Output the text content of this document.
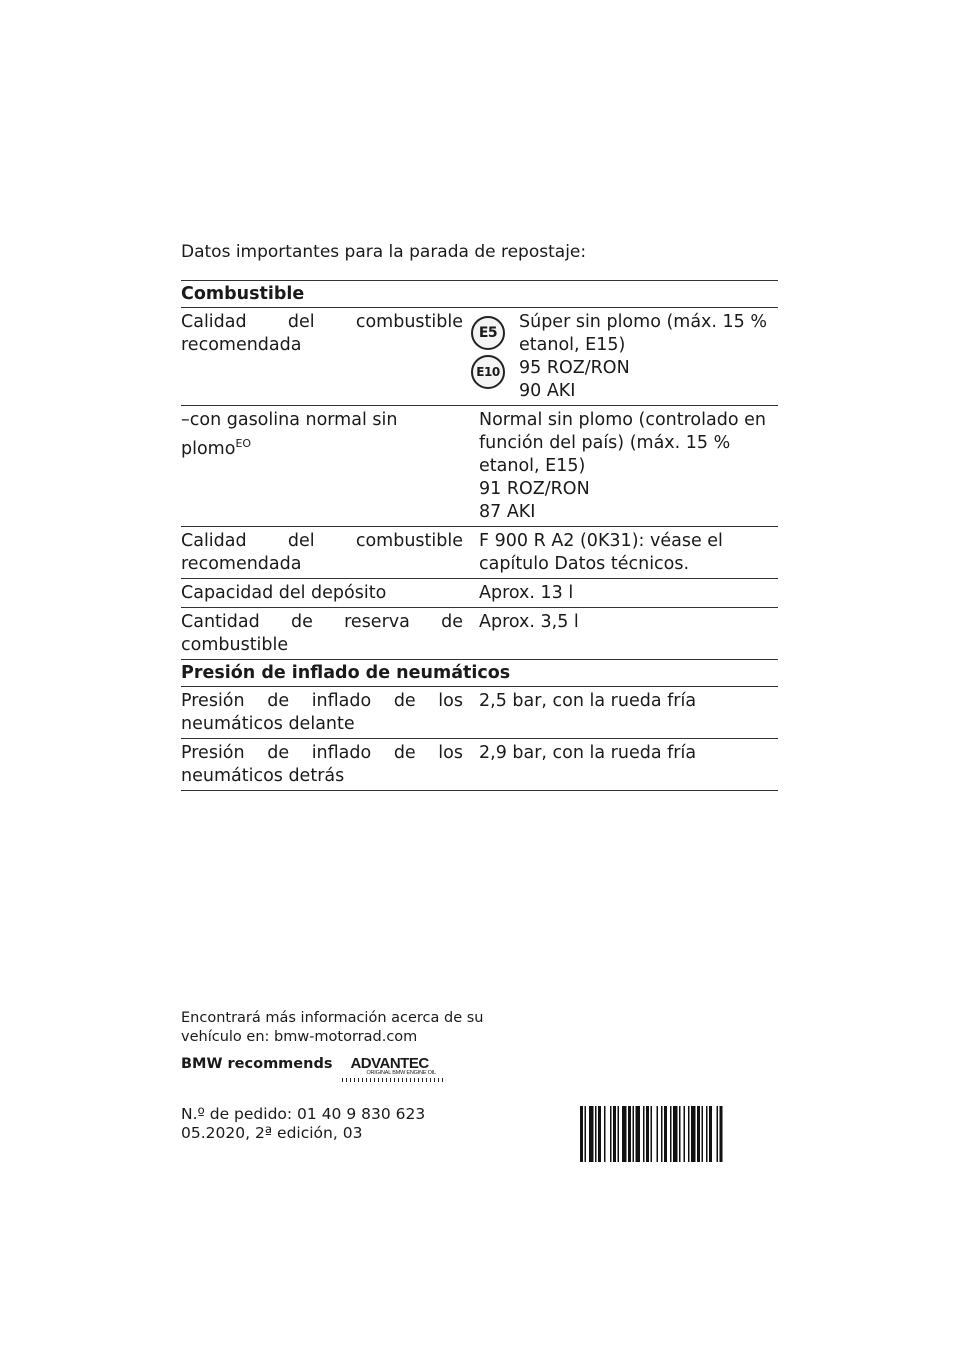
Datos importantes para la parada de repostaje:
Combustible
Calidad del combustible recomendada
E5
E10
Súper sin plomo (máx. 15 % etanol, E15)
95 ROZ/RON
90 AKI
–con gasolina normal sin plomo$^{EO}$
Normal sin plomo (controlado en función del país) (máx. 15 % etanol, E15)
91 ROZ/RON
87 AKI
Calidad del combustible recomendada
F 900 R A2 (0K31): véase el capítulo Datos técnicos.
Capacidad del depósito	Aprox. 13 l
Cantidad de reserva de combustible
Aprox. 3,5 l
Presión de inflado de neumáticos
Presión de inflado de los neumáticos delante
2,5 bar, con la rueda fría
Presión de inflado de los neumáticos detrás
2,9 bar, con la rueda fría
Encontrará más información acerca de su vehículo en: bmw-motorrad.com
BMW recommends ADVANTEC
ORIGINAL BMW ENGINE OIL
N.º de pedido: 01 40 9 830 623
05.2020, 2ª edición, 03
